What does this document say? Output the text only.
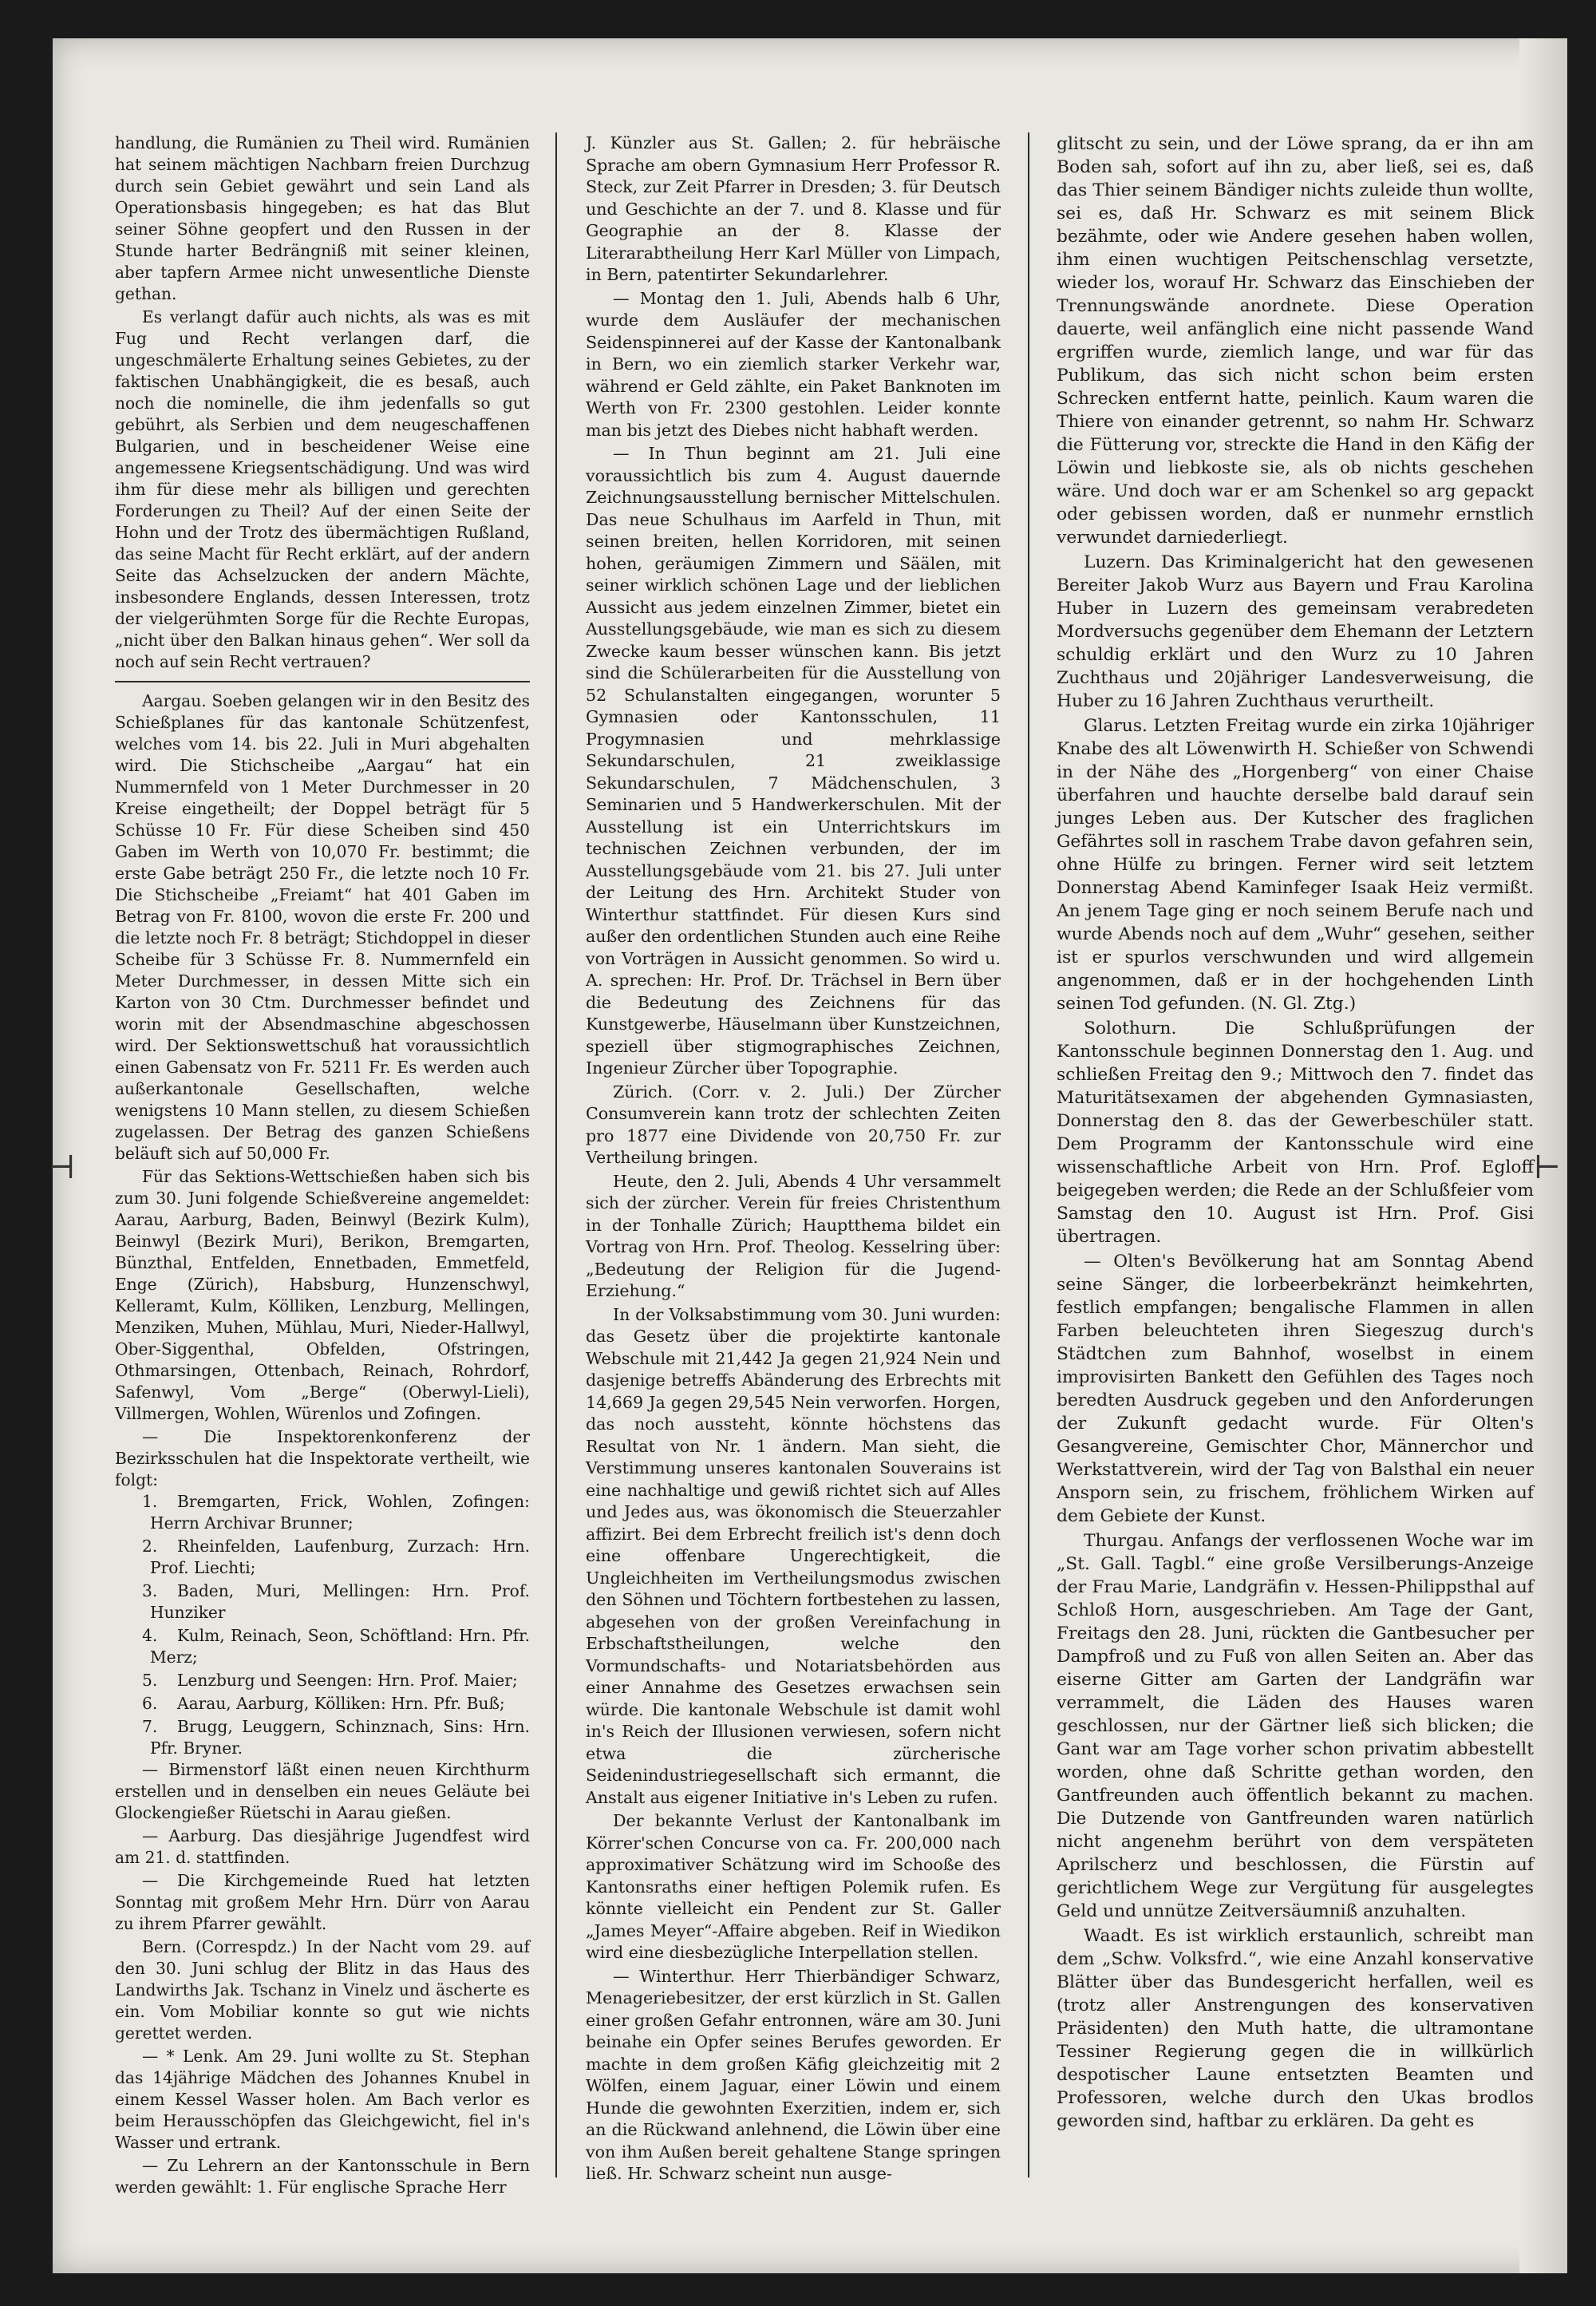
⊣	⊢

handlung, die Rumänien zu Theil wird. Rumänien hat seinem mächtigen Nachbarn freien Durchzug durch sein Gebiet gewährt und sein Land als Operationsbasis hingegeben; es hat das Blut seiner Söhne geopfert und den Russen in der Stunde harter Bedrängniß mit seiner kleinen, aber tapfern Armee nicht unwesentliche Dienste gethan.

Es verlangt dafür auch nichts, als was es mit Fug und Recht verlangen darf, die ungeschmälerte Erhaltung seines Gebietes, zu der faktischen Unabhängigkeit, die es besaß, auch noch die nominelle, die ihm jedenfalls so gut gebührt, als Serbien und dem neugeschaffenen Bulgarien, und in bescheidener Weise eine angemessene Kriegsentschädigung. Und was wird ihm für diese mehr als billigen und gerechten Forderungen zu Theil? Auf der einen Seite der Hohn und der Trotz des übermächtigen Rußland, das seine Macht für Recht erklärt, auf der andern Seite das Achselzucken der andern Mächte, insbesondere Englands, dessen Interessen, trotz der vielgerühmten Sorge für die Rechte Europas, „nicht über den Balkan hinaus gehen“. Wer soll da noch auf sein Recht vertrauen?

Aargau. Soeben gelangen wir in den Besitz des Schießplanes für das kantonale Schützenfest, welches vom 14. bis 22. Juli in Muri abgehalten wird. Die Stichscheibe „Aargau“ hat ein Nummernfeld von 1 Meter Durchmesser in 20 Kreise eingetheilt; der Doppel beträgt für 5 Schüsse 10 Fr. Für diese Scheiben sind 450 Gaben im Werth von 10,070 Fr. bestimmt; die erste Gabe beträgt 250 Fr., die letzte noch 10 Fr. Die Stichscheibe „Freiamt“ hat 401 Gaben im Betrag von Fr. 8100, wovon die erste Fr. 200 und die letzte noch Fr. 8 beträgt; Stichdoppel in dieser Scheibe für 3 Schüsse Fr. 8. Nummernfeld ein Meter Durchmesser, in dessen Mitte sich ein Karton von 30 Ctm. Durchmesser befindet und worin mit der Absendmaschine abgeschossen wird. Der Sektionswettschuß hat voraussichtlich einen Gabensatz von Fr. 5211 Fr. Es werden auch außerkantonale Gesellschaften, welche wenigstens 10 Mann stellen, zu diesem Schießen zugelassen. Der Betrag des ganzen Schießens beläuft sich auf 50,000 Fr.

Für das Sektions-Wettschießen haben sich bis zum 30. Juni folgende Schießvereine angemeldet: Aarau, Aarburg, Baden, Beinwyl (Bezirk Kulm), Beinwyl (Bezirk Muri), Berikon, Bremgarten, Bünzthal, Entfelden, Ennetbaden, Emmetfeld, Enge (Zürich), Habsburg, Hunzenschwyl, Kelleramt, Kulm, Kölliken, Lenzburg, Mellingen, Menziken, Muhen, Mühlau, Muri, Nieder-Hallwyl, Ober-Siggenthal, Obfelden, Ofstringen, Othmarsingen, Ottenbach, Reinach, Rohrdorf, Safenwyl, Vom „Berge“ (Oberwyl-Lieli), Villmergen, Wohlen, Würenlos und Zofingen.

— Die Inspektorenkonferenz der Bezirksschulen hat die Inspektorate vertheilt, wie folgt:

1. Bremgarten, Frick, Wohlen, Zofingen: Herrn Archivar Brunner;

2. Rheinfelden, Laufenburg, Zurzach: Hrn. Prof. Liechti;

3. Baden, Muri, Mellingen: Hrn. Prof. Hunziker

4. Kulm, Reinach, Seon, Schöftland: Hrn. Pfr. Merz;

5. Lenzburg und Seengen: Hrn. Prof. Maier;

6. Aarau, Aarburg, Kölliken: Hrn. Pfr. Buß;

7. Brugg, Leuggern, Schinznach, Sins: Hrn. Pfr. Bryner.

— Birmenstorf läßt einen neuen Kirchthurm erstellen und in denselben ein neues Geläute bei Glockengießer Rüetschi in Aarau gießen.

— Aarburg. Das diesjährige Jugendfest wird am 21. d. stattfinden.

— Die Kirchgemeinde Rued hat letzten Sonntag mit großem Mehr Hrn. Dürr von Aarau zu ihrem Pfarrer gewählt.

Bern. (Correspdz.) In der Nacht vom 29. auf den 30. Juni schlug der Blitz in das Haus des Landwirths Jak. Tschanz in Vinelz und äscherte es ein. Vom Mobiliar konnte so gut wie nichts gerettet werden.

— * Lenk. Am 29. Juni wollte zu St. Stephan das 14jährige Mädchen des Johannes Knubel in einem Kessel Wasser holen. Am Bach verlor es beim Herausschöpfen das Gleichgewicht, fiel in's Wasser und ertrank.

— Zu Lehrern an der Kantonsschule in Bern werden gewählt: 1. Für englische Sprache Herr

J. Künzler aus St. Gallen; 2. für hebräische Sprache am obern Gymnasium Herr Professor R. Steck, zur Zeit Pfarrer in Dresden; 3. für Deutsch und Geschichte an der 7. und 8. Klasse und für Geographie an der 8. Klasse der Literarabtheilung Herr Karl Müller von Limpach, in Bern, patentirter Sekundarlehrer.

— Montag den 1. Juli, Abends halb 6 Uhr, wurde dem Ausläufer der mechanischen Seidenspinnerei auf der Kasse der Kantonalbank in Bern, wo ein ziemlich starker Verkehr war, während er Geld zählte, ein Paket Banknoten im Werth von Fr. 2300 gestohlen. Leider konnte man bis jetzt des Diebes nicht habhaft werden.

— In Thun beginnt am 21. Juli eine voraussichtlich bis zum 4. August dauernde Zeichnungsausstellung bernischer Mittelschulen. Das neue Schulhaus im Aarfeld in Thun, mit seinen breiten, hellen Korridoren, mit seinen hohen, geräumigen Zimmern und Säälen, mit seiner wirklich schönen Lage und der lieblichen Aussicht aus jedem einzelnen Zimmer, bietet ein Ausstellungsgebäude, wie man es sich zu diesem Zwecke kaum besser wünschen kann. Bis jetzt sind die Schülerarbeiten für die Ausstellung von 52 Schulanstalten eingegangen, worunter 5 Gymnasien oder Kantonsschulen, 11 Progymnasien und mehrklassige Sekundarschulen, 21 zweiklassige Sekundarschulen, 7 Mädchenschulen, 3 Seminarien und 5 Handwerkerschulen. Mit der Ausstellung ist ein Unterrichtskurs im technischen Zeichnen verbunden, der im Ausstellungsgebäude vom 21. bis 27. Juli unter der Leitung des Hrn. Architekt Studer von Winterthur stattfindet. Für diesen Kurs sind außer den ordentlichen Stunden auch eine Reihe von Vorträgen in Aussicht genommen. So wird u. A. sprechen: Hr. Prof. Dr. Trächsel in Bern über die Bedeutung des Zeichnens für das Kunstgewerbe, Häuselmann über Kunstzeichnen, speziell über stigmographisches Zeichnen, Ingenieur Zürcher über Topographie.

Zürich. (Corr. v. 2. Juli.) Der Zürcher Consumverein kann trotz der schlechten Zeiten pro 1877 eine Dividende von 20,750 Fr. zur Vertheilung bringen.

Heute, den 2. Juli, Abends 4 Uhr versammelt sich der zürcher. Verein für freies Christenthum in der Tonhalle Zürich; Hauptthema bildet ein Vortrag von Hrn. Prof. Theolog. Kesselring über: „Bedeutung der Religion für die Jugend-Erziehung.“

In der Volksabstimmung vom 30. Juni wurden: das Gesetz über die projektirte kantonale Webschule mit 21,442 Ja gegen 21,924 Nein und dasjenige betreffs Abänderung des Erbrechts mit 14,669 Ja gegen 29,545 Nein verworfen. Horgen, das noch aussteht, könnte höchstens das Resultat von Nr. 1 ändern. Man sieht, die Verstimmung unseres kantonalen Souverains ist eine nachhaltige und gewiß richtet sich auf Alles und Jedes aus, was ökonomisch die Steuerzahler affizirt. Bei dem Erbrecht freilich ist's denn doch eine offenbare Ungerechtigkeit, die Ungleichheiten im Vertheilungsmodus zwischen den Söhnen und Töchtern fortbestehen zu lassen, abgesehen von der großen Vereinfachung in Erbschaftstheilungen, welche den Vormundschafts- und Notariatsbehörden aus einer Annahme des Gesetzes erwachsen sein würde. Die kantonale Webschule ist damit wohl in's Reich der Illusionen verwiesen, sofern nicht etwa die zürcherische Seidenindustriegesellschaft sich ermannt, die Anstalt aus eigener Initiative in's Leben zu rufen.

Der bekannte Verlust der Kantonalbank im Körrer'schen Concurse von ca. Fr. 200,000 nach approximativer Schätzung wird im Schooße des Kantonsraths einer heftigen Polemik rufen. Es könnte vielleicht ein Pendent zur St. Galler „James Meyer“-Affaire abgeben. Reif in Wiedikon wird eine diesbezügliche Interpellation stellen.

— Winterthur. Herr Thierbändiger Schwarz, Menageriebesitzer, der erst kürzlich in St. Gallen einer großen Gefahr entronnen, wäre am 30. Juni beinahe ein Opfer seines Berufes geworden. Er machte in dem großen Käfig gleichzeitig mit 2 Wölfen, einem Jaguar, einer Löwin und einem Hunde die gewohnten Exerzitien, indem er, sich an die Rückwand anlehnend, die Löwin über eine von ihm Außen bereit gehaltene Stange springen ließ. Hr. Schwarz scheint nun ausge-

glitscht zu sein, und der Löwe sprang, da er ihn am Boden sah, sofort auf ihn zu, aber ließ, sei es, daß das Thier seinem Bändiger nichts zuleide thun wollte, sei es, daß Hr. Schwarz es mit seinem Blick bezähmte, oder wie Andere gesehen haben wollen, ihm einen wuchtigen Peitschenschlag versetzte, wieder los, worauf Hr. Schwarz das Einschieben der Trennungswände anordnete. Diese Operation dauerte, weil anfänglich eine nicht passende Wand ergriffen wurde, ziemlich lange, und war für das Publikum, das sich nicht schon beim ersten Schrecken entfernt hatte, peinlich. Kaum waren die Thiere von einander getrennt, so nahm Hr. Schwarz die Fütterung vor, streckte die Hand in den Käfig der Löwin und liebkoste sie, als ob nichts geschehen wäre. Und doch war er am Schenkel so arg gepackt oder gebissen worden, daß er nunmehr ernstlich verwundet darniederliegt.

Luzern. Das Kriminalgericht hat den gewesenen Bereiter Jakob Wurz aus Bayern und Frau Karolina Huber in Luzern des gemeinsam verabredeten Mordversuchs gegenüber dem Ehemann der Letztern schuldig erklärt und den Wurz zu 10 Jahren Zuchthaus und 20jähriger Landesverweisung, die Huber zu 16 Jahren Zuchthaus verurtheilt.

Glarus. Letzten Freitag wurde ein zirka 10jähriger Knabe des alt Löwenwirth H. Schießer von Schwendi in der Nähe des „Horgenberg“ von einer Chaise überfahren und hauchte derselbe bald darauf sein junges Leben aus. Der Kutscher des fraglichen Gefährtes soll in raschem Trabe davon gefahren sein, ohne Hülfe zu bringen. Ferner wird seit letztem Donnerstag Abend Kaminfeger Isaak Heiz vermißt. An jenem Tage ging er noch seinem Berufe nach und wurde Abends noch auf dem „Wuhr“ gesehen, seither ist er spurlos verschwunden und wird allgemein angenommen, daß er in der hochgehenden Linth seinen Tod gefunden. (N. Gl. Ztg.)

Solothurn. Die Schlußprüfungen der Kantonsschule beginnen Donnerstag den 1. Aug. und schließen Freitag den 9.; Mittwoch den 7. findet das Maturitätsexamen der abgehenden Gymnasiasten, Donnerstag den 8. das der Gewerbeschüler statt. Dem Programm der Kantonsschule wird eine wissenschaftliche Arbeit von Hrn. Prof. Egloff beigegeben werden; die Rede an der Schlußfeier vom Samstag den 10. August ist Hrn. Prof. Gisi übertragen.

— Olten's Bevölkerung hat am Sonntag Abend seine Sänger, die lorbeerbekränzt heimkehrten, festlich empfangen; bengalische Flammen in allen Farben beleuchteten ihren Siegeszug durch's Städtchen zum Bahnhof, woselbst in einem improvisirten Bankett den Gefühlen des Tages noch beredten Ausdruck gegeben und den Anforderungen der Zukunft gedacht wurde. Für Olten's Gesangvereine, Gemischter Chor, Männerchor und Werkstattverein, wird der Tag von Balsthal ein neuer Ansporn sein, zu frischem, fröhlichem Wirken auf dem Gebiete der Kunst.

Thurgau. Anfangs der verflossenen Woche war im „St. Gall. Tagbl.“ eine große Versilberungs-Anzeige der Frau Marie, Landgräfin v. Hessen-Philippsthal auf Schloß Horn, ausgeschrieben. Am Tage der Gant, Freitags den 28. Juni, rückten die Gantbesucher per Dampfroß und zu Fuß von allen Seiten an. Aber das eiserne Gitter am Garten der Landgräfin war verrammelt, die Läden des Hauses waren geschlossen, nur der Gärtner ließ sich blicken; die Gant war am Tage vorher schon privatim abbestellt worden, ohne daß Schritte gethan worden, den Gantfreunden auch öffentlich bekannt zu machen. Die Dutzende von Gantfreunden waren natürlich nicht angenehm berührt von dem verspäteten Aprilscherz und beschlossen, die Fürstin auf gerichtlichem Wege zur Vergütung für ausgelegtes Geld und unnütze Zeitversäumniß anzuhalten.

Waadt. Es ist wirklich erstaunlich, schreibt man dem „Schw. Volksfrd.“, wie eine Anzahl konservative Blätter über das Bundesgericht herfallen, weil es (trotz aller Anstrengungen des konservativen Präsidenten) den Muth hatte, die ultramontane Tessiner Regierung gegen die in willkürlich despotischer Laune entsetzten Beamten und Professoren, welche durch den Ukas brodlos geworden sind, haftbar zu erklären. Da geht es
